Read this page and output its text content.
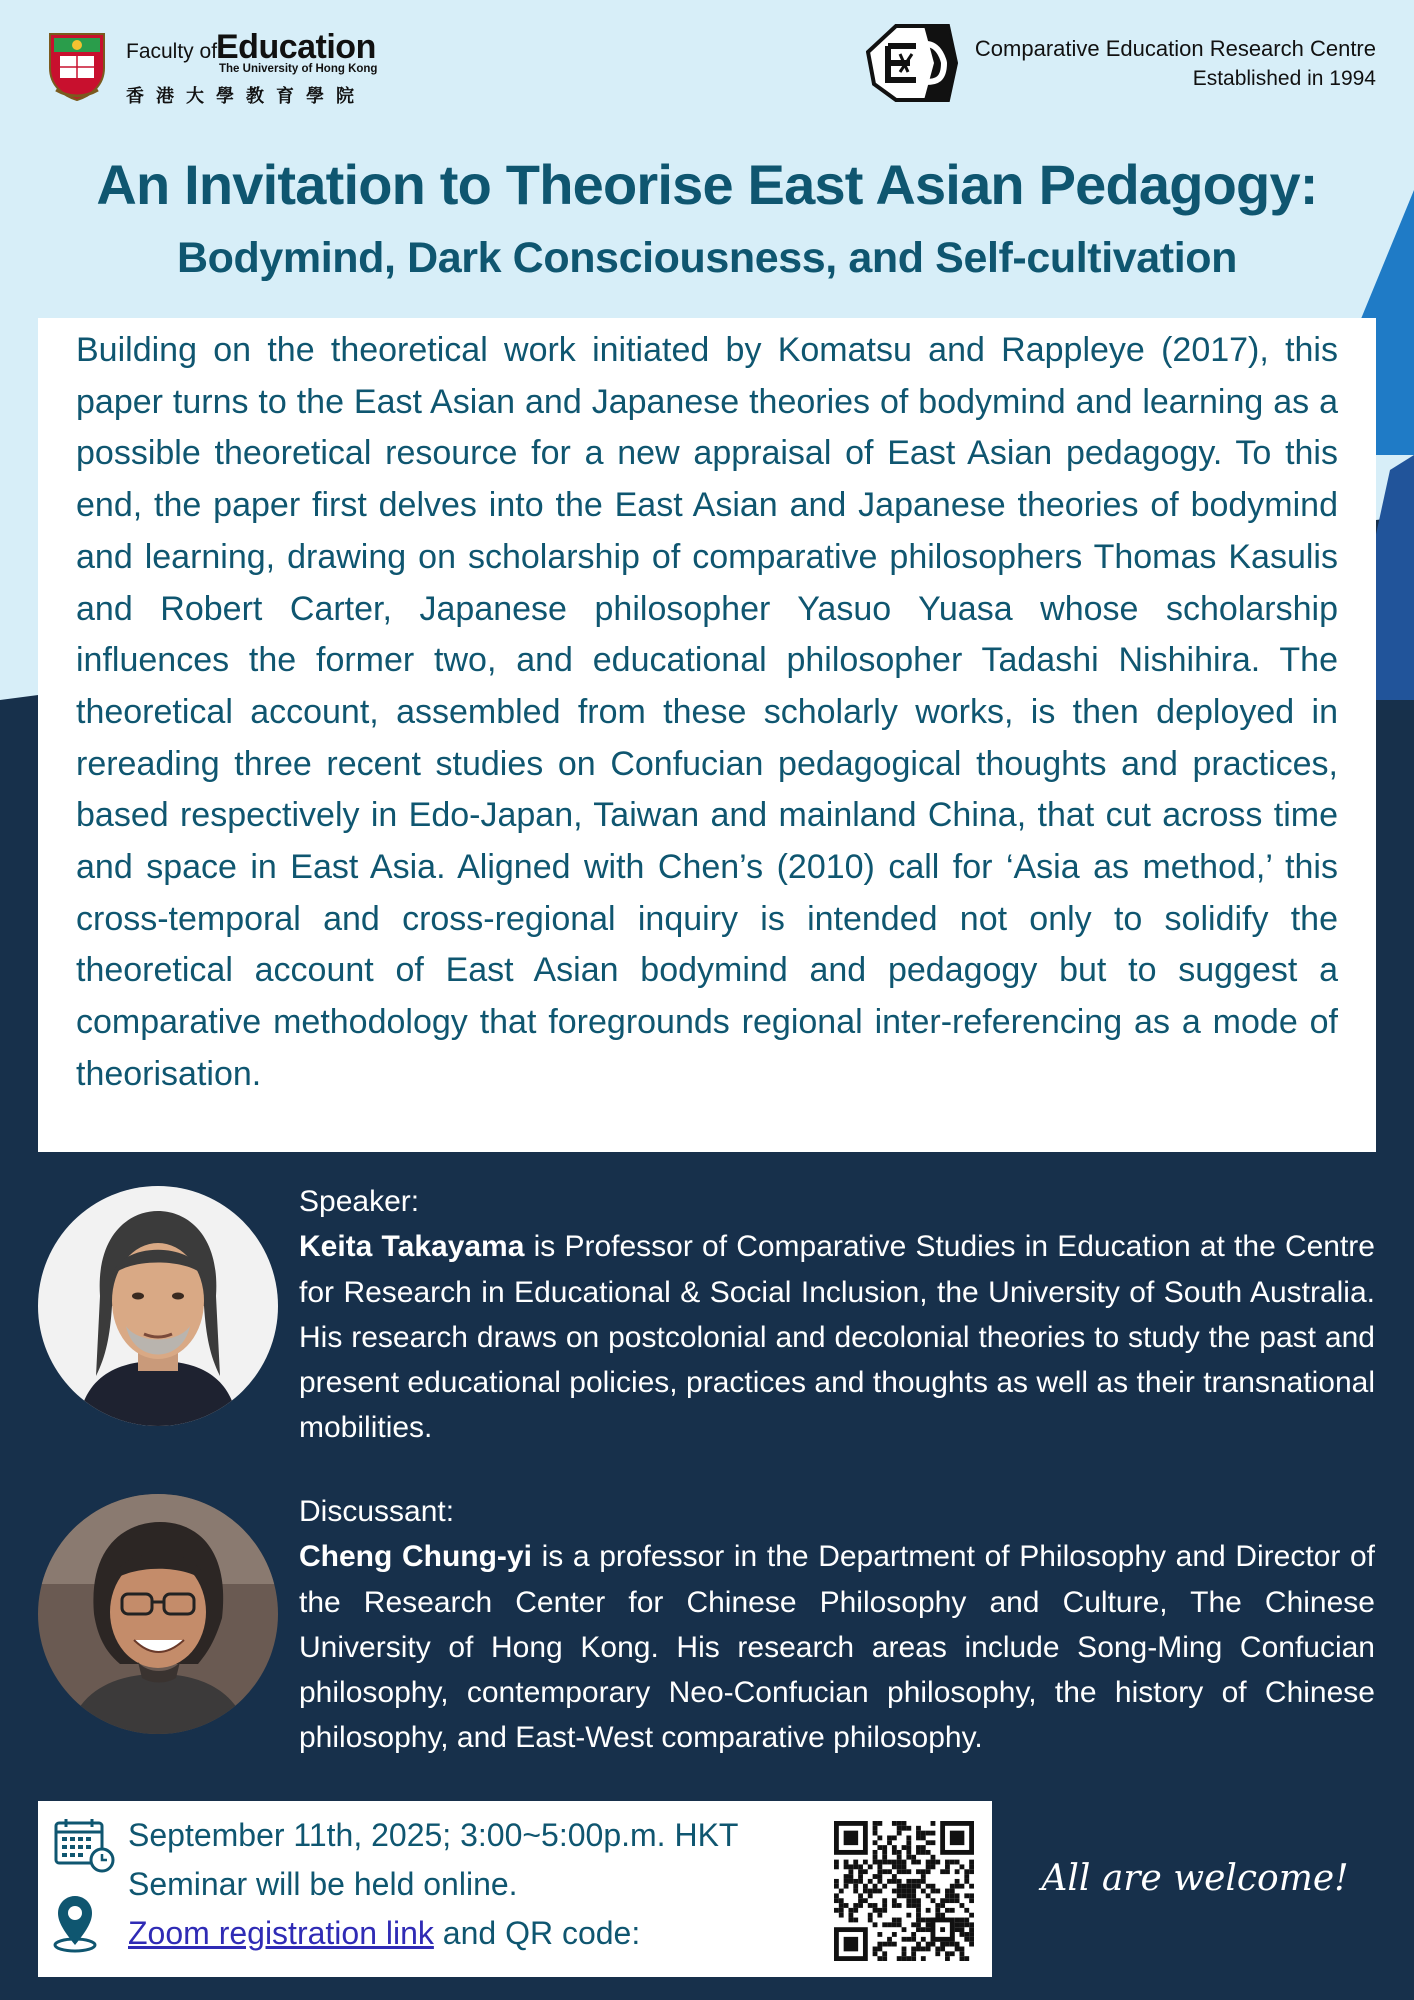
Faculty of
Education
The University of Hong Kong
香港大學教育學院
Comparative Education Research Centre
Established in 1994
An Invitation to Theorise East Asian Pedagogy:
Bodymind, Dark Consciousness, and Self-cultivation

Building on the theoretical work initiated by Komatsu and Rappleye (2017), this paper turns to the East Asian and Japanese theories of bodymind and learning as a possible theoretical resource for a new appraisal of East Asian pedagogy. To this end, the paper first delves into the East Asian and Japanese theories of bodymind and learning, drawing on scholarship of comparative philosophers Thomas Kasulis and Robert Carter, Japanese philosopher Yasuo Yuasa whose scholarship influences the former two, and educational philosopher Tadashi Nishihira. The theoretical account, assembled from these scholarly works, is then deployed in rereading three recent studies on Confucian pedagogical thoughts and practices, based respectively in Edo-Japan, Taiwan and mainland China, that cut across time and space in East Asia. Aligned with Chen’s (2010) call for ‘Asia as method,’ this cross-temporal and cross-regional inquiry is intended not only to solidify the theoretical account of East Asian bodymind and pedagogy but to suggest a comparative methodology that foregrounds regional inter-referencing as a mode of theorisation.

Speaker:

Keita Takayama is Professor of Comparative Studies in Education at the Centre for Research in Educational & Social Inclusion, the University of South Australia. His research draws on postcolonial and decolonial theories to study the past and present educational policies, practices and thoughts as well as their transnational mobilities.

Discussant:

Cheng Chung-yi is a professor in the Department of Philosophy and Director of the Research Center for Chinese Philosophy and Culture, The Chinese University of Hong Kong. His research areas include Song-Ming Confucian philosophy, contemporary Neo-Confucian philosophy, the history of Chinese philosophy, and East-West comparative philosophy.

September 11th, 2025; 3:00~5:00p.m. HKT
Seminar will be held online.
Zoom registration link and QR code:
All are welcome!
